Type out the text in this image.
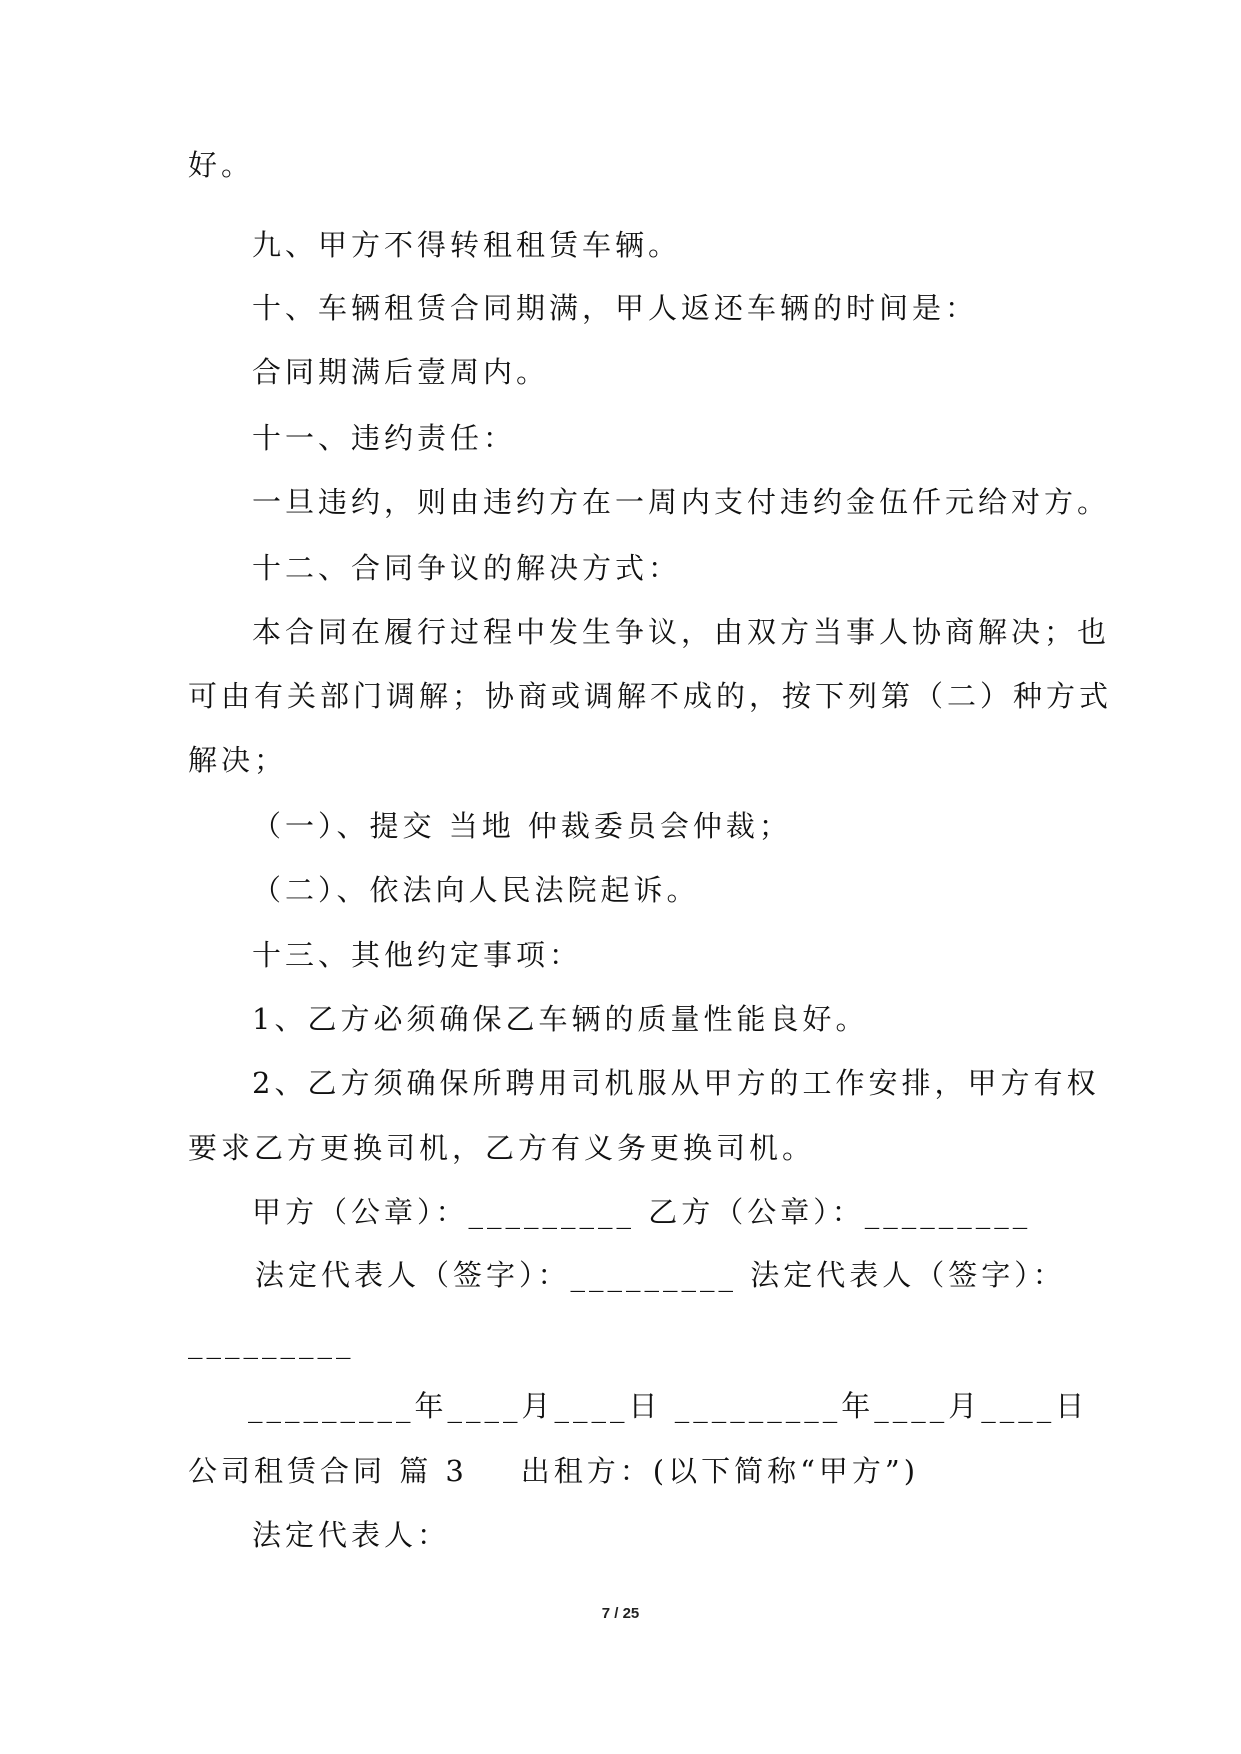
好。
九、甲方不得转租租赁车辆。
十、车辆租赁合同期满，甲人返还车辆的时间是：
合同期满后壹周内。
十一、违约责任：
一旦违约，则由违约方在一周内支付违约金伍仟元给对方。
十二、合同争议的解决方式：
本合同在履行过程中发生争议，由双方当事人协商解决；也
可由有关部门调解；协商或调解不成的，按下列第（二）种方式
解决；
（一）、提交 当地 仲裁委员会仲裁；
（二）、依法向人民法院起诉。
十三、其他约定事项：
1、乙方必须确保乙车辆的质量性能良好。
2、乙方须确保所聘用司机服从甲方的工作安排，甲方有权
要求乙方更换司机，乙方有义务更换司机。
甲方（公章）：_________ 乙方（公章）：_________
法定代表人（签字）：_________ 法定代表人（签字）：
_________
_________年____月____日 _________年____月____日
公司租赁合同 篇 3    出租方：(以下简称“甲方”)
法定代表人：
7 / 25
